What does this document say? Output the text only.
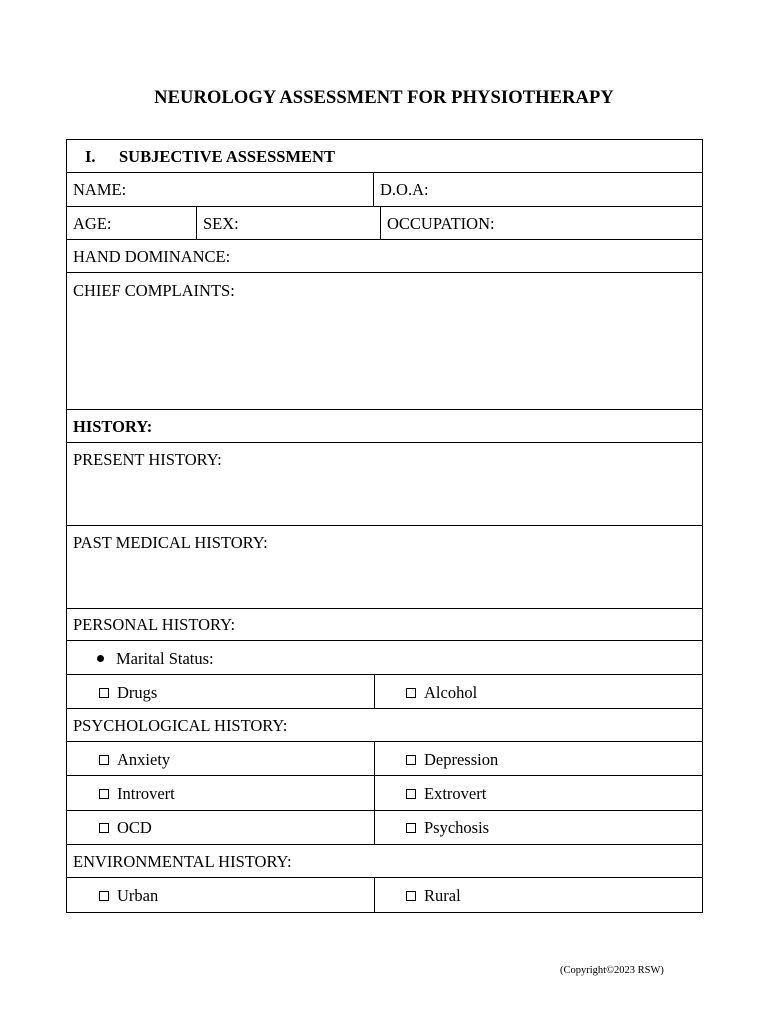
NEUROLOGY ASSESSMENT FOR PHYSIOTHERAPY
I. SUBJECTIVE ASSESSMENT
NAME:	D.O.A:
AGE:	SEX:	OCCUPATION:
HAND DOMINANCE:
CHIEF COMPLAINTS:
HISTORY:
PRESENT HISTORY:
PAST MEDICAL HISTORY:
PERSONAL HISTORY:
Marital Status:
Drugs	Alcohol
PSYCHOLOGICAL HISTORY:
Anxiety	Depression
Introvert	Extrovert
OCD	Psychosis
ENVIRONMENTAL HISTORY:
Urban	Rural
(Copyright©2023 RSW)
